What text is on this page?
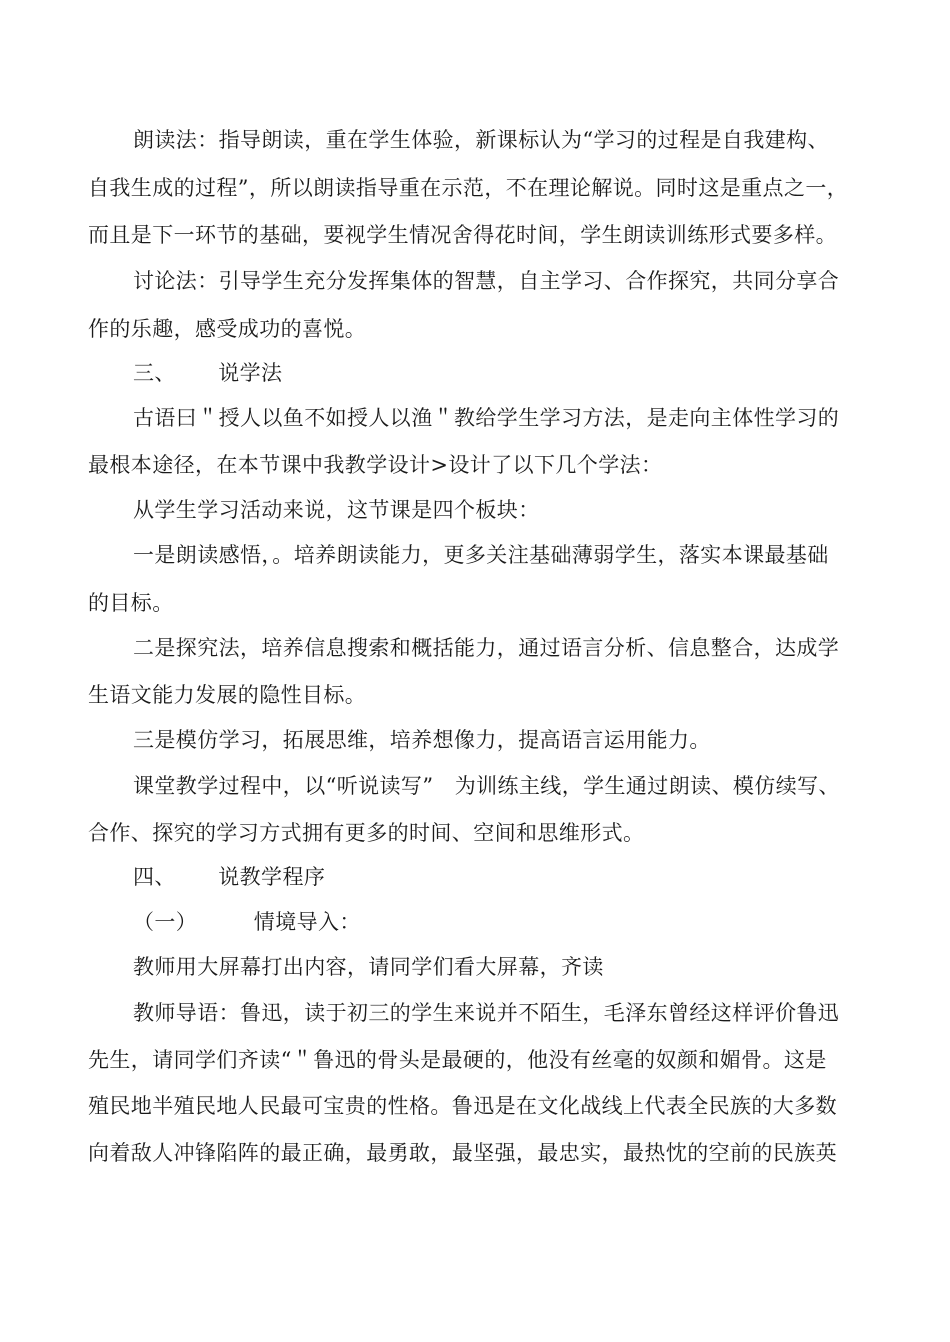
朗读法：指导朗读，重在学生体验，新课标认为“学习的过程是自我建构、
自我生成的过程”，所以朗读指导重在示范，不在理论解说。同时这是重点之一，
而且是下一环节的基础，要视学生情况舍得花时间，学生朗读训练形式要多样。
讨论法：引导学生充分发挥集体的智慧，自主学习、合作探究，共同分享合
作的乐趣，感受成功的喜悦。
三、      说学法
古语曰＂授人以鱼不如授人以渔＂教给学生学习方法，是走向主体性学习的
最根本途径，在本节课中我教学设计>设计了以下几个学法：
从学生学习活动来说，这节课是四个板块：
一是朗读感悟，。培养朗读能力，更多关注基础薄弱学生，落实本课最基础
的目标。
二是探究法，培养信息搜索和概括能力，通过语言分析、信息整合，达成学
生语文能力发展的隐性目标。
三是模仿学习，拓展思维，培养想像力，提高语言运用能力。
课堂教学过程中，以“听说读写”   为训练主线，学生通过朗读、模仿续写、
合作、探究的学习方式拥有更多的时间、空间和思维形式。
四、      说教学程序
（一）        情境导入：
教师用大屏幕打出内容，请同学们看大屏幕，齐读
教师导语：鲁迅，读于初三的学生来说并不陌生，毛泽东曾经这样评价鲁迅
先生，请同学们齐读“＂鲁迅的骨头是最硬的，他没有丝毫的奴颜和媚骨。这是
殖民地半殖民地人民最可宝贵的性格。鲁迅是在文化战线上代表全民族的大多数
向着敌人冲锋陷阵的最正确，最勇敢，最坚强，最忠实，最热忱的空前的民族英
